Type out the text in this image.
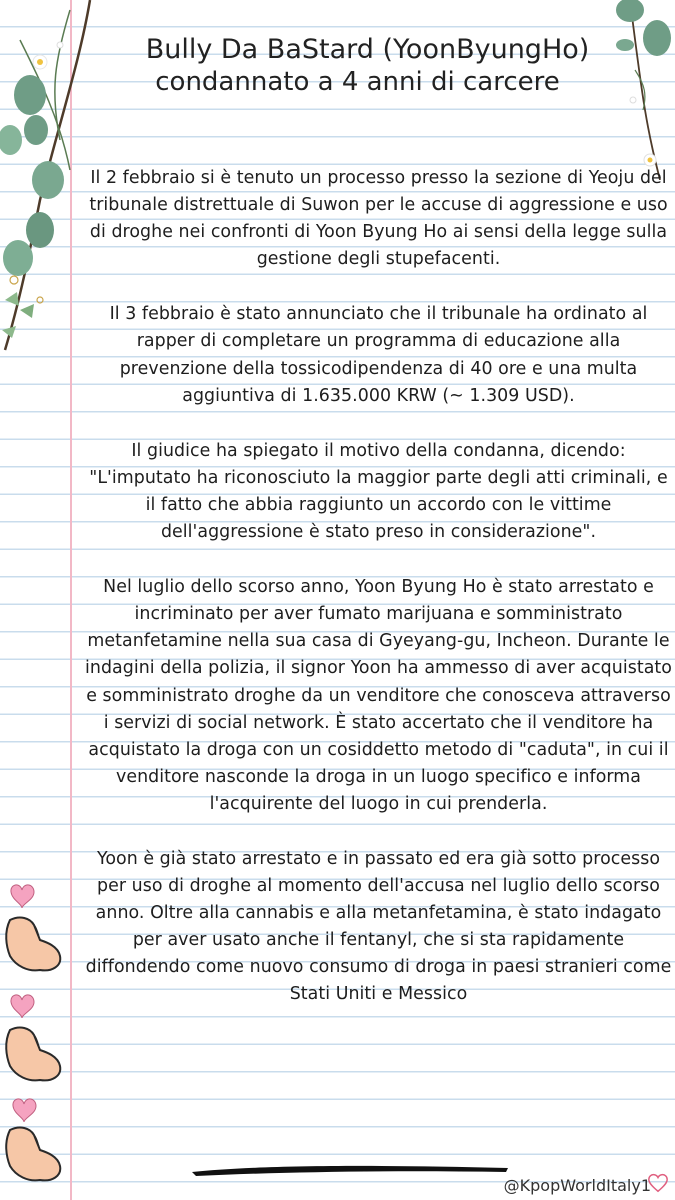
Bully Da BaStard (YoonByungHo)
condannato a 4 anni di carcere

Il 2 febbraio si è tenuto un processo presso la sezione di Yeoju del tribunale distrettuale di Suwon per le accuse di aggressione e uso di droghe nei confronti di Yoon Byung Ho ai sensi della legge sulla gestione degli stupefacenti.

Il 3 febbraio è stato annunciato che il tribunale ha ordinato al rapper di completare un programma di educazione alla prevenzione della tossicodipendenza di 40 ore e una multa aggiuntiva di 1.635.000 KRW (~ 1.309 USD).

Il giudice ha spiegato il motivo della condanna, dicendo: "L'imputato ha riconosciuto la maggior parte degli atti criminali, e il fatto che abbia raggiunto un accordo con le vittime dell'aggressione è stato preso in considerazione".

Nel luglio dello scorso anno, Yoon Byung Ho è stato arrestato e incriminato per aver fumato marijuana e somministrato metanfetamine nella sua casa di Gyeyang-gu, Incheon. Durante le indagini della polizia, il signor Yoon ha ammesso di aver acquistato e somministrato droghe da un venditore che conosceva attraverso i servizi di social network. È stato accertato che il venditore ha acquistato la droga con un cosiddetto metodo di "caduta", in cui il venditore nasconde la droga in un luogo specifico e informa l'acquirente del luogo in cui prenderla.

Yoon è già stato arrestato e in passato ed era già sotto processo per uso di droghe al momento dell'accusa nel luglio dello scorso anno. Oltre alla cannabis e alla metanfetamina, è stato indagato per aver usato anche il fentanyl, che si sta rapidamente diffondendo come nuovo consumo di droga in paesi stranieri come Stati Uniti e Messico

@KpopWorldItaly1
